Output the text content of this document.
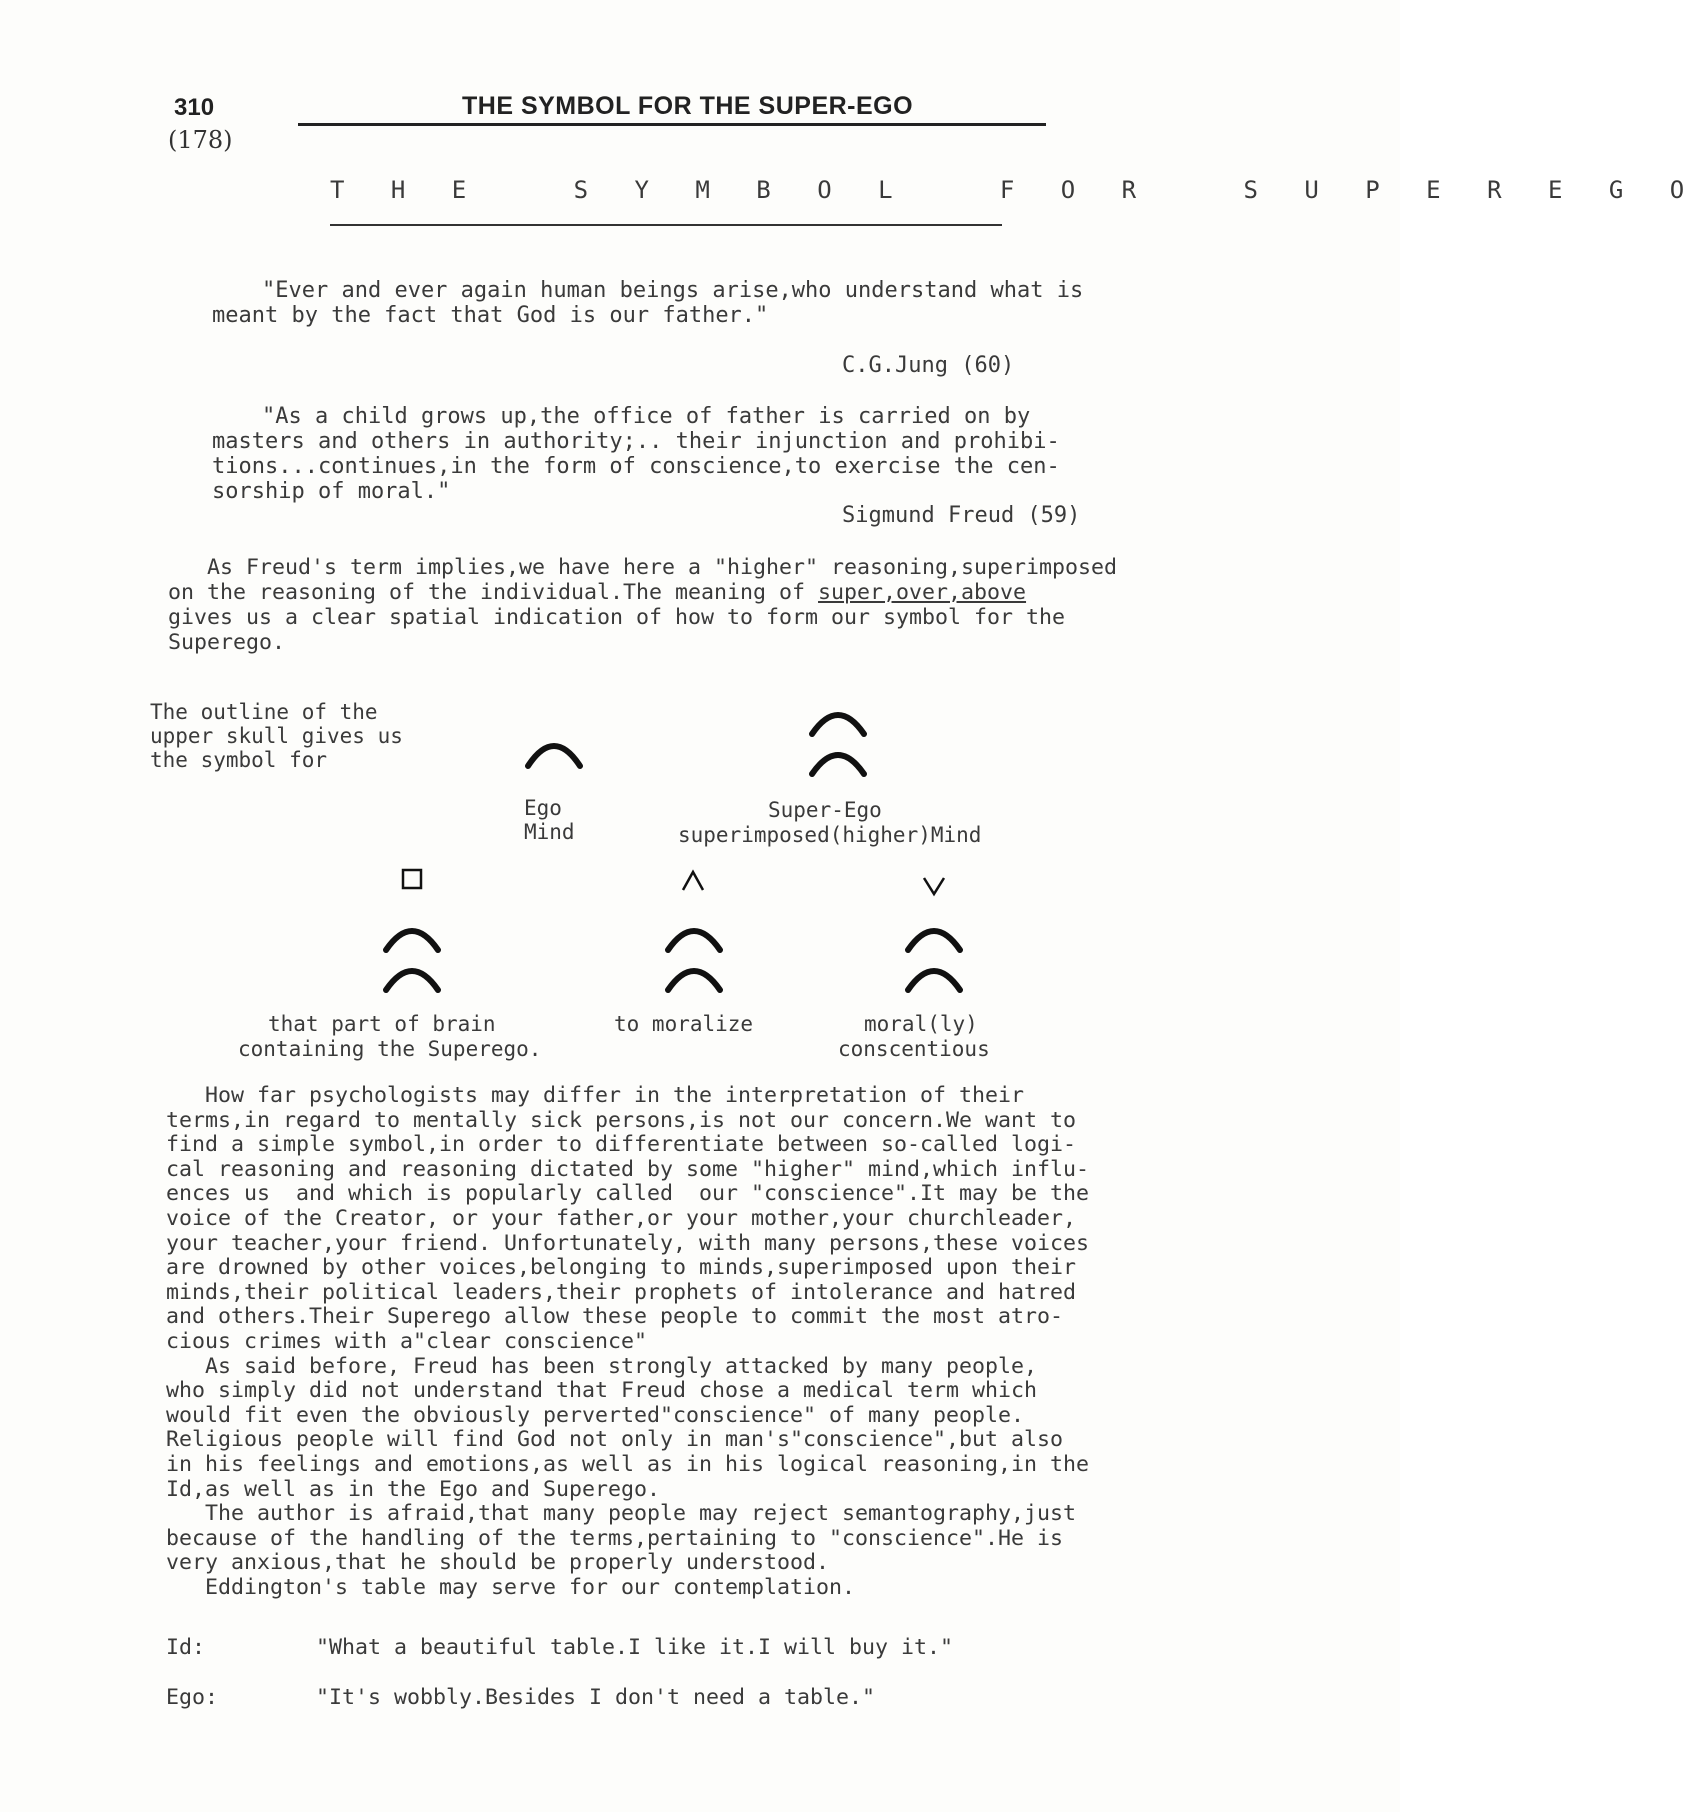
310
(178)
THE SYMBOL FOR THE SUPER-EGO
T H E   S Y M B O L   F O R   S U P E R E G O
"Ever and ever again human beings arise,who understand what is
meant by the fact that God is our father."
C.G.Jung (60)
"As a child grows up,the office of father is carried on by
masters and others in authority;.. their injunction and prohibi-
tions...continues,in the form of conscience,to exercise the cen-
sorship of moral."
Sigmund Freud (59)
As Freud's term implies,we have here a "higher" reasoning,superimposed
on the reasoning of the individual.The meaning of super,over,above
gives us a clear spatial indication of how to form our symbol for the
Superego.
The outline of the
upper skull gives us
the symbol for
Ego
Mind
Super-Ego
superimposed(higher)Mind
that part of brain
containing the Superego.
to moralize	moral(ly)
conscentious
How far psychologists may differ in the interpretation of their
terms,in regard to mentally sick persons,is not our concern.We want to
find a simple symbol,in order to differentiate between so-called logi-
cal reasoning and reasoning dictated by some "higher" mind,which influ-
ences us  and which is popularly called  our "conscience".It may be the
voice of the Creator, or your father,or your mother,your churchleader,
your teacher,your friend. Unfortunately, with many persons,these voices
are drowned by other voices,belonging to minds,superimposed upon their
minds,their political leaders,their prophets of intolerance and hatred
and others.Their Superego allow these people to commit the most atro-
cious crimes with a"clear conscience"
As said before, Freud has been strongly attacked by many people,
who simply did not understand that Freud chose a medical term which
would fit even the obviously perverted"conscience" of many people.
Religious people will find God not only in man's"conscience",but also
in his feelings and emotions,as well as in his logical reasoning,in the
Id,as well as in the Ego and Superego.
The author is afraid,that many people may reject semantography,just
because of the handling of the terms,pertaining to "conscience".He is
very anxious,that he should be properly understood.
Eddington's table may serve for our contemplation.
Id:	"What a beautiful table.I like it.I will buy it."
Ego:	"It's wobbly.Besides I don't need a table."
